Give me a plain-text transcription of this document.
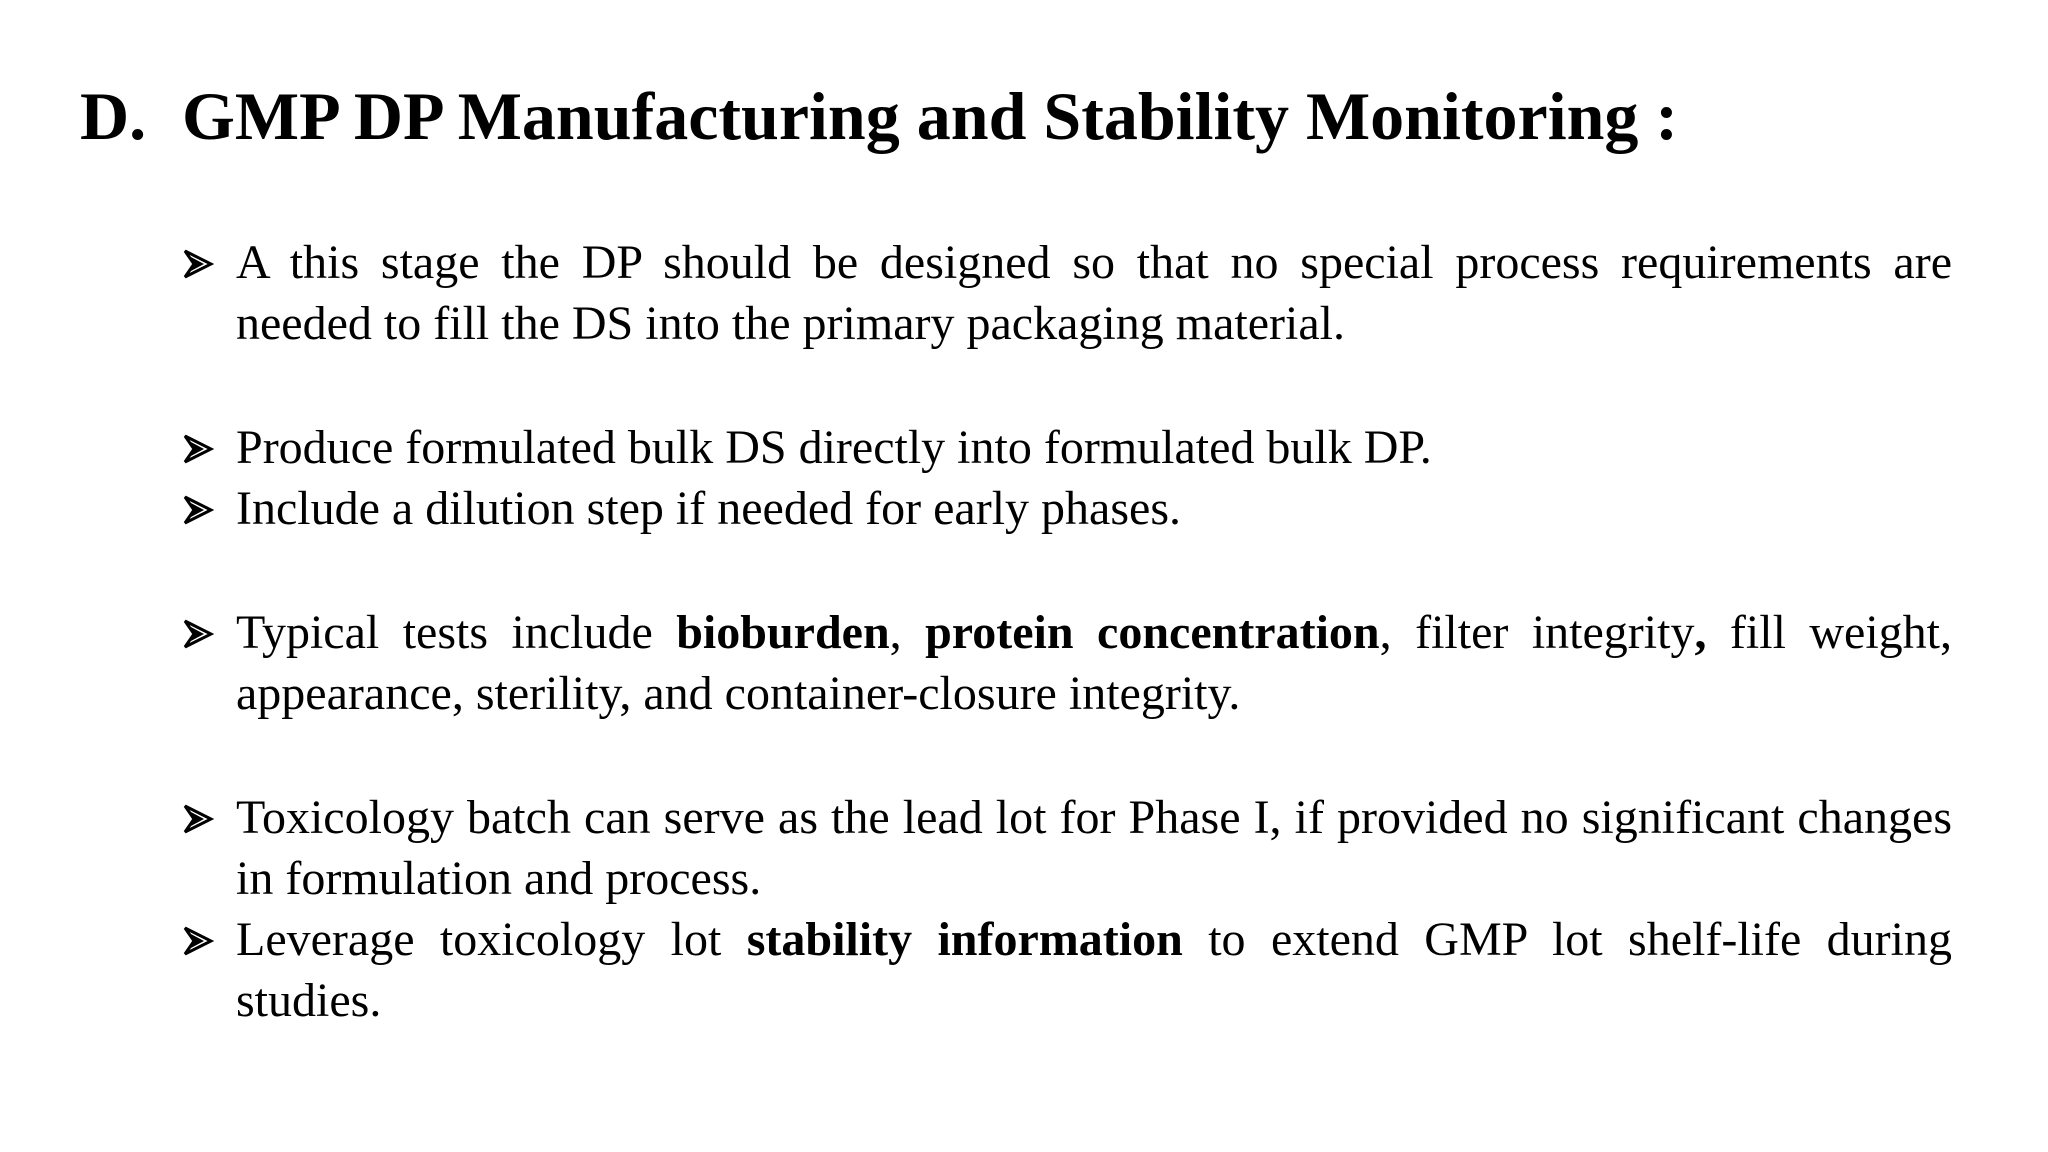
D. GMP DP Manufacturing and Stability Monitoring :
A this stage the DP should be designed so that no special process requirements are needed to fill the DS into the primary packaging material.
Produce formulated bulk DS directly into formulated bulk DP.
Include a dilution step if needed for early phases.
Typical tests include bioburden, protein concentration, filter integrity, fill weight, appearance, sterility, and container-closure integrity.
Toxicology batch can serve as the lead lot for Phase I, if provided no significant changes in formulation and process.
Leverage toxicology lot stability information to extend GMP lot shelf-life during studies.
